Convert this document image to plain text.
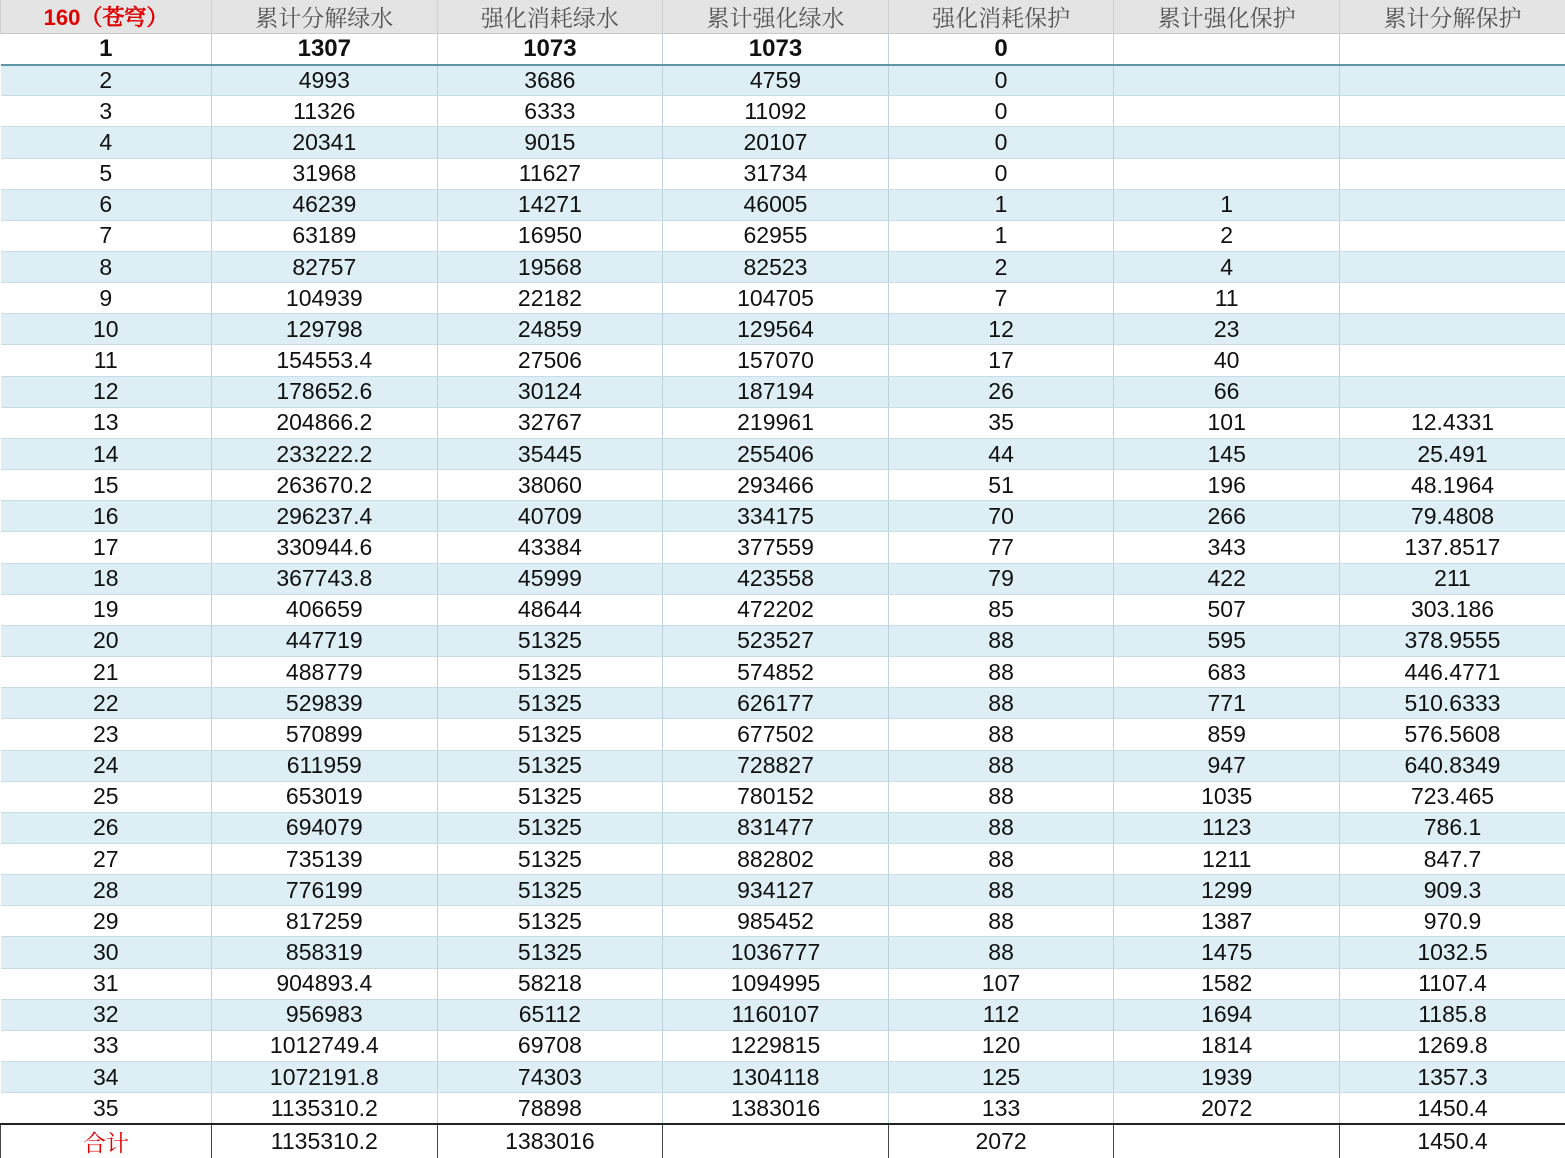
160（苍穹）	累计分解绿水	强化消耗绿水	累计强化绿水	强化消耗保护	累计强化保护	累计分解保护
1	1307	1073	1073	0		
2	4993	3686	4759	0		
3	11326	6333	11092	0		
4	20341	9015	20107	0		
5	31968	11627	31734	0		
6	46239	14271	46005	1	1	
7	63189	16950	62955	1	2	
8	82757	19568	82523	2	4	
9	104939	22182	104705	7	11	
10	129798	24859	129564	12	23	
11	154553.4	27506	157070	17	40	
12	178652.6	30124	187194	26	66	
13	204866.2	32767	219961	35	101	12.4331
14	233222.2	35445	255406	44	145	25.491
15	263670.2	38060	293466	51	196	48.1964
16	296237.4	40709	334175	70	266	79.4808
17	330944.6	43384	377559	77	343	137.8517
18	367743.8	45999	423558	79	422	211
19	406659	48644	472202	85	507	303.186
20	447719	51325	523527	88	595	378.9555
21	488779	51325	574852	88	683	446.4771
22	529839	51325	626177	88	771	510.6333
23	570899	51325	677502	88	859	576.5608
24	611959	51325	728827	88	947	640.8349
25	653019	51325	780152	88	1035	723.465
26	694079	51325	831477	88	1123	786.1
27	735139	51325	882802	88	1211	847.7
28	776199	51325	934127	88	1299	909.3
29	817259	51325	985452	88	1387	970.9
30	858319	51325	1036777	88	1475	1032.5
31	904893.4	58218	1094995	107	1582	1107.4
32	956983	65112	1160107	112	1694	1185.8
33	1012749.4	69708	1229815	120	1814	1269.8
34	1072191.8	74303	1304118	125	1939	1357.3
35	1135310.2	78898	1383016	133	2072	1450.4
合计	1135310.2	1383016		2072		1450.4
